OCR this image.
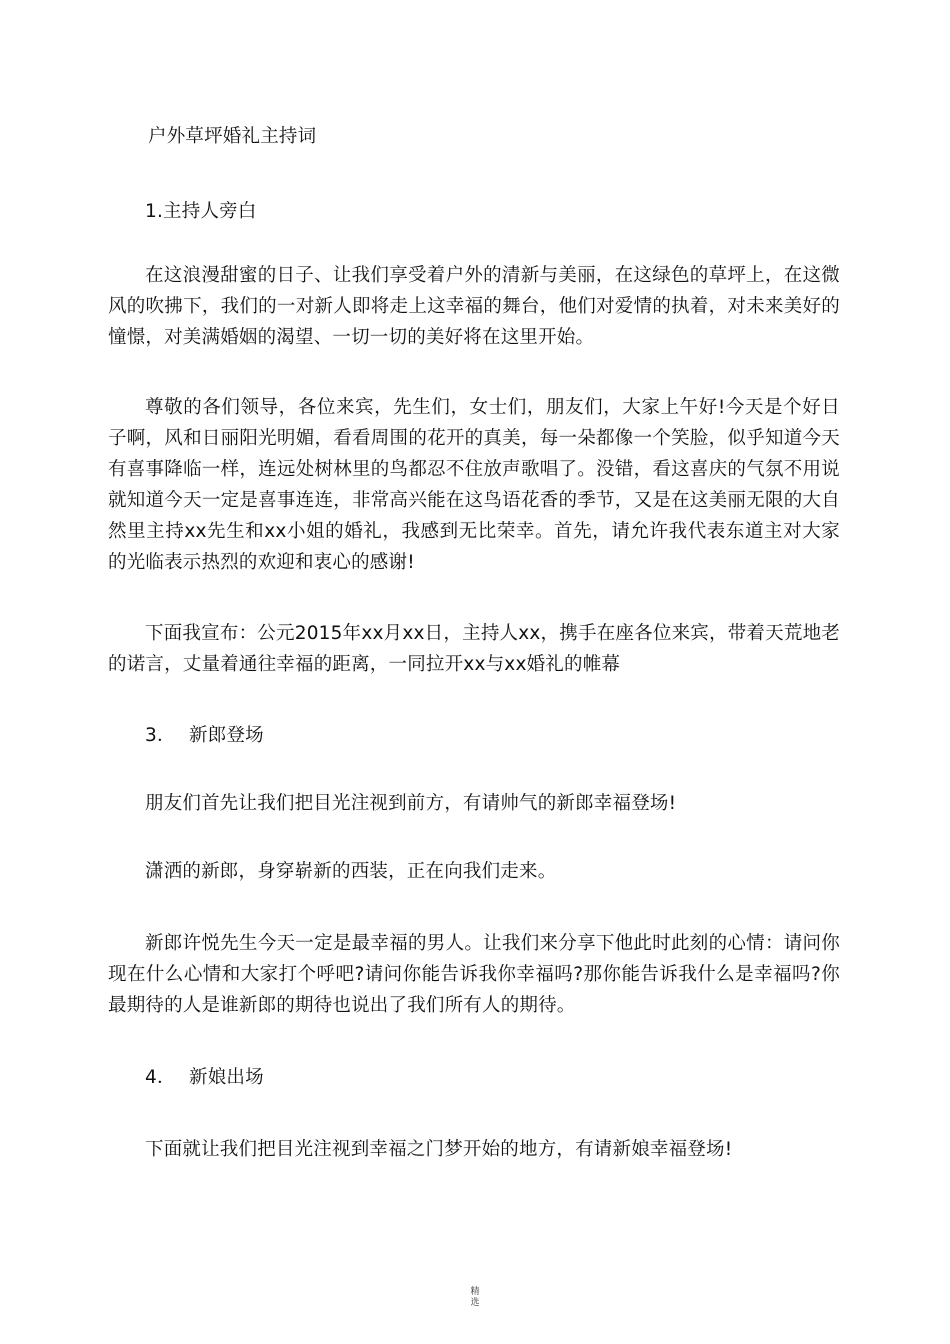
户外草坪婚礼主持词
1.主持人旁白
在这浪漫甜蜜的日子、让我们享受着户外的清新与美丽，在这绿色的草坪上，在这微风的吹拂下，我们的一对新人即将走上这幸福的舞台，他们对爱情的执着，对未来美好的憧憬，对美满婚姻的渴望、一切一切的美好将在这里开始。
尊敬的各们领导，各位来宾，先生们，女士们，朋友们，大家上午好!今天是个好日子啊，风和日丽阳光明媚，看看周围的花开的真美，每一朵都像一个笑脸，似乎知道今天有喜事降临一样，连远处树林里的鸟都忍不住放声歌唱了。没错，看这喜庆的气氛不用说就知道今天一定是喜事连连，非常高兴能在这鸟语花香的季节，又是在这美丽无限的大自然里主持xx先生和xx小姐的婚礼，我感到无比荣幸。首先，请允许我代表东道主对大家的光临表示热烈的欢迎和衷心的感谢!
下面我宣布：公元2015年xx月xx日，主持人xx，携手在座各位来宾，带着天荒地老的诺言，丈量着通往幸福的距离，一同拉开xx与xx婚礼的帷幕
3． 新郎登场
朋友们首先让我们把目光注视到前方，有请帅气的新郎幸福登场!
潇洒的新郎，身穿崭新的西装，正在向我们走来。
新郎许悦先生今天一定是最幸福的男人。让我们来分享下他此时此刻的心情：请问你现在什么心情和大家打个呼吧?请问你能告诉我你幸福吗?那你能告诉我什么是幸福吗?你最期待的人是谁新郎的期待也说出了我们所有人的期待。
4． 新娘出场
下面就让我们把目光注视到幸福之门梦开始的地方，有请新娘幸福登场!
精
选
